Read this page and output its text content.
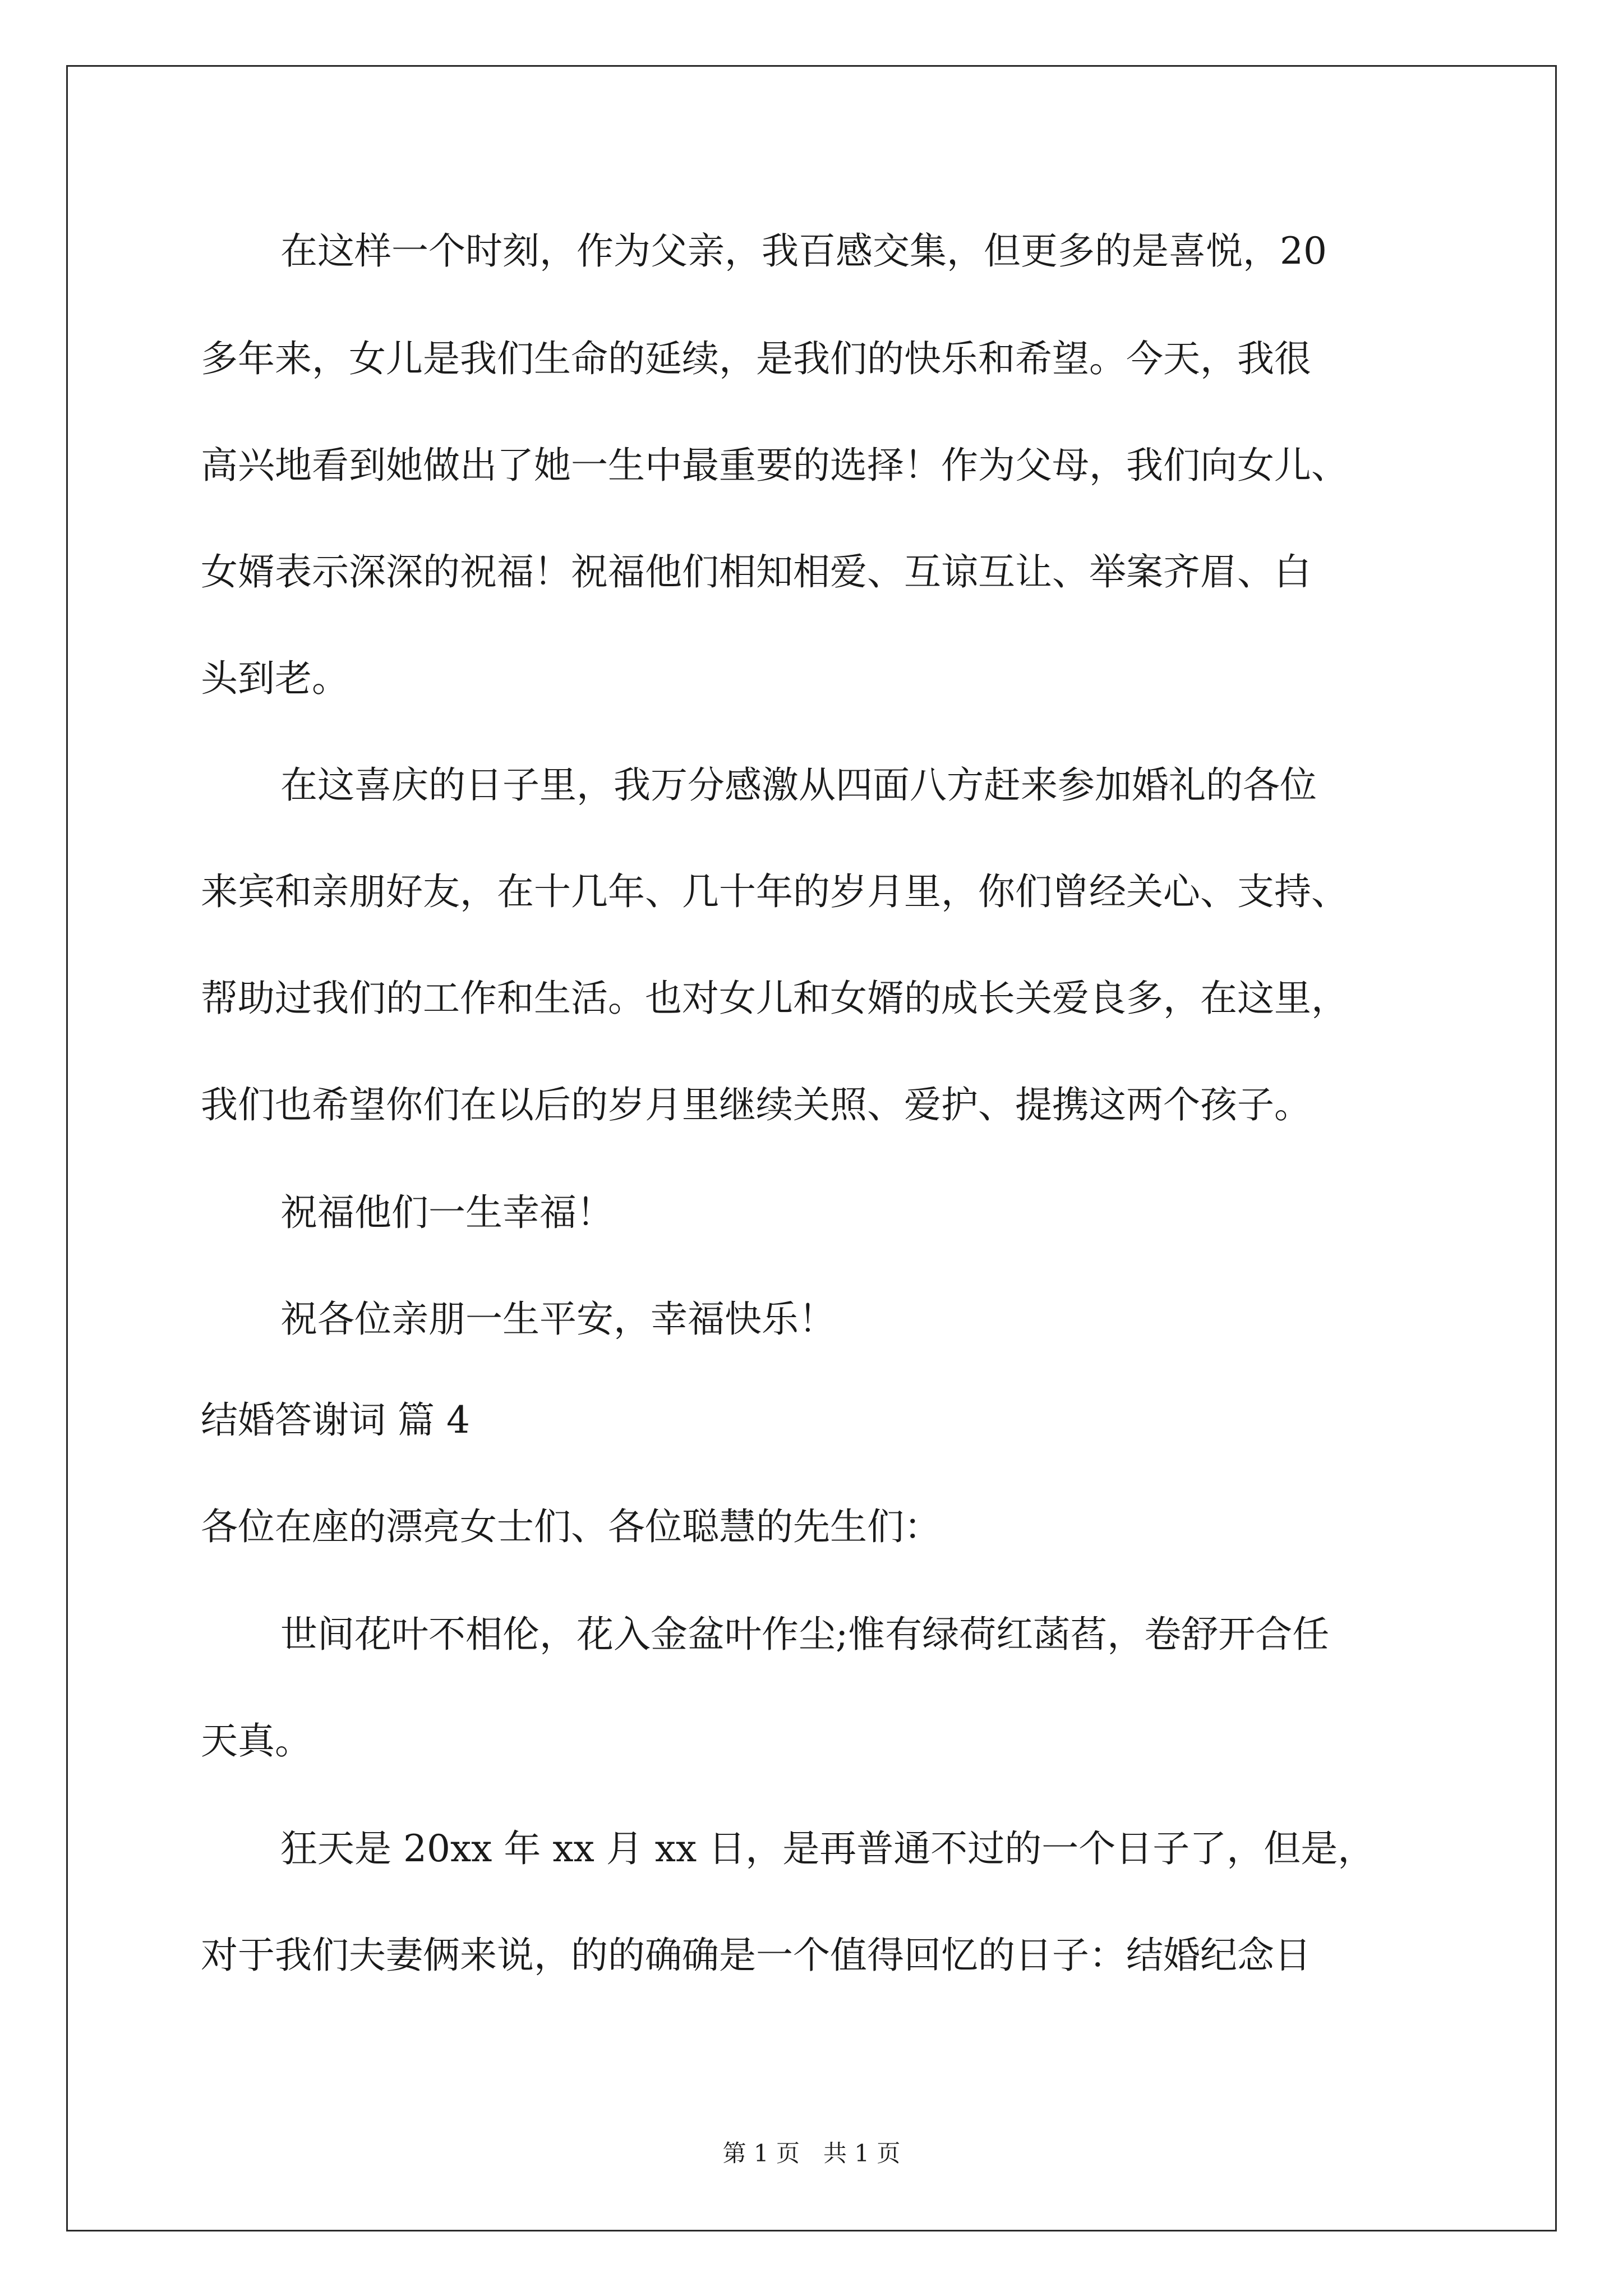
在这样一个时刻，作为父亲，我百感交集，但更多的是喜悦，20
多年来，女儿是我们生命的延续，是我们的快乐和希望。今天，我很
高兴地看到她做出了她一生中最重要的选择！作为父母，我们向女儿、
女婿表示深深的祝福！祝福他们相知相爱、互谅互让、举案齐眉、白
头到老。
在这喜庆的日子里，我万分感激从四面八方赶来参加婚礼的各位
来宾和亲朋好友，在十几年、几十年的岁月里，你们曾经关心、支持、
帮助过我们的工作和生活。也对女儿和女婿的成长关爱良多，在这里，
我们也希望你们在以后的岁月里继续关照、爱护、提携这两个孩子。
祝福他们一生幸福！
祝各位亲朋一生平安，幸福快乐！
结婚答谢词 篇 4
各位在座的漂亮女士们、各位聪慧的先生们：
世间花叶不相伦，花入金盆叶作尘;惟有绿荷红菡萏，卷舒开合任
天真。
狂天是 20xx 年 xx 月 xx 日，是再普通不过的一个日子了，但是，
对于我们夫妻俩来说，的的确确是一个值得回忆的日子：结婚纪念日
第 1 页　共 1 页
